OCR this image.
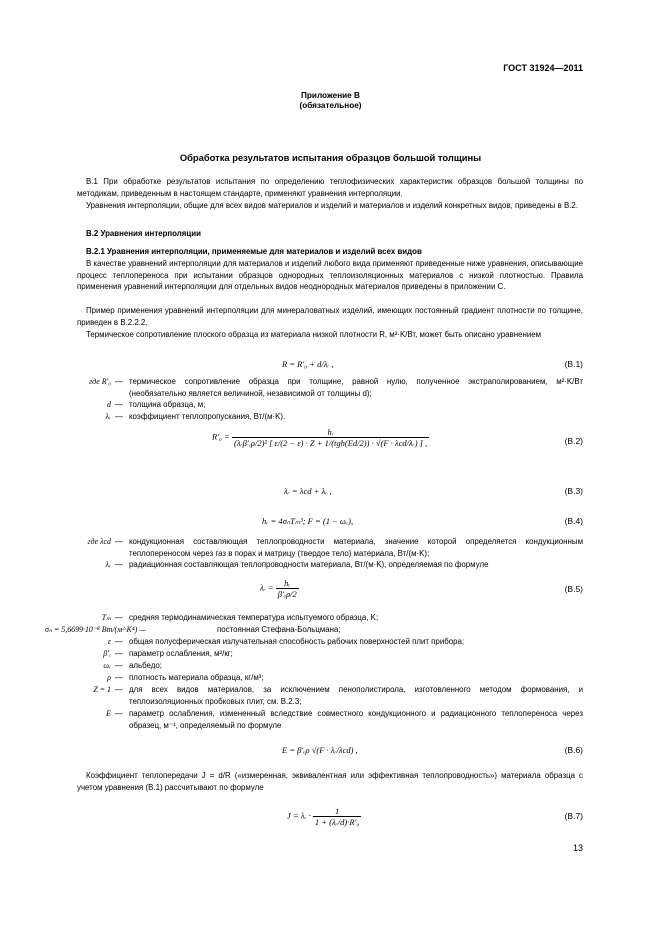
ГОСТ 31924—2011
Приложение В
(обязательное)
Обработка результатов испытания образцов большой толщины
В.1 При обработке результатов испытания по определению теплофизических характеристик образцов большой толщины по методикам, приведенным в настоящем стандарте, применяют уравнения интерполяции.
Уравнения интерполяции, общие для всех видов материалов и изделий и материалов и изделий конкретных видов, приведены в В.2.
В.2 Уравнения интерполяции
В.2.1 Уравнения интерполяции, применяемые для материалов и изделий всех видов
В качестве уравнений интерполяции для материалов и изделий любого вида применяют приведенные ниже уравнения, описывающие процесс теплопереноса при испытании образцов однородных теплоизоляционных материалов с низкой плотностью. Правила применения уравнений интерполяции для отдельных видов неоднородных материалов приведены в приложении С.
Пример применения уравнений интерполяции для минераловатных изделий, имеющих постоянный градиент плотности по толщине, приведен в В.2.2.2.
Термическое сопротивление плоского образца из материала низкой плотности R, м²·K/Вт, может быть описано уравнением
R = R′₀ + d/λᵣ ,	(В.1)
где R′₀ — термическое сопротивление образца при толщине, равной нулю, полученное экстраполированием, м²·K/Вт (необязательно является величиной, независимой от толщины d);
d — толщина образца, м;
λᵣ — коэффициент теплопропускания, Вт/(м·K).
R′₀ =	hᵣ
(λᵣβ′ₑρ/2)² [ ε/(2 − ε) · Z + 1/(tgh(Ed/2)) · √(F · λcd/λᵣ) ] ,	(В.2)
λᵣ = λcd + λᵣ ,	(В.3)
hᵣ = 4σₙTₘ³; F = (1 − ωₑ),	(В.4)
где λcd — кондукционная составляющая теплопроводности материала, значение которой определяется кондукционным теплопереносом через газ в порах и матрицу (твердое тело) материала, Вт/(м·K);
λᵣ — радиационная составляющая теплопроводности материала, Вт/(м·K), определяемая по формуле
λᵣ = $\frac{\text{hᵣ}}{\text{β′ₑρ/2}}$	(В.5)
Tₘ — средняя термодинамическая температура испытуемого образца, K;
σₙ = 5,6699·10⁻⁸ Вт/(м²·K⁴) —	постоянная Стефана-Больцмана;
ε — общая полусферическая излучательная способность рабочих поверхностей плит прибора;
β′ₑ — параметр ослабления, м²/кг;
ωₑ — альбедо;
ρ — плотность материала образца, кг/м³;
Z = 1 — для всех видов материалов, за исключением пенополистирола, изготовленного методом формования, и теплоизоляционных пробковых плит, см. В.2.3;
E — параметр ослабления, измененный вследствие совместного кондукционного и радиационного теплопереноса через образец, м⁻¹, определяемый по формуле
E = β′ₑρ √(F · λᵣ/λcd) ,	(В.6)
Коэффициент теплопередачи J = d/R («измеренная, эквивалентная или эффективная теплопроводность») материала образца с учетом уравнения (В.1) рассчитывают по формуле
J = λᵣ · $\frac{1}{\text{1 + (λᵣ/d)·R′₀}}$	(В.7)
13
